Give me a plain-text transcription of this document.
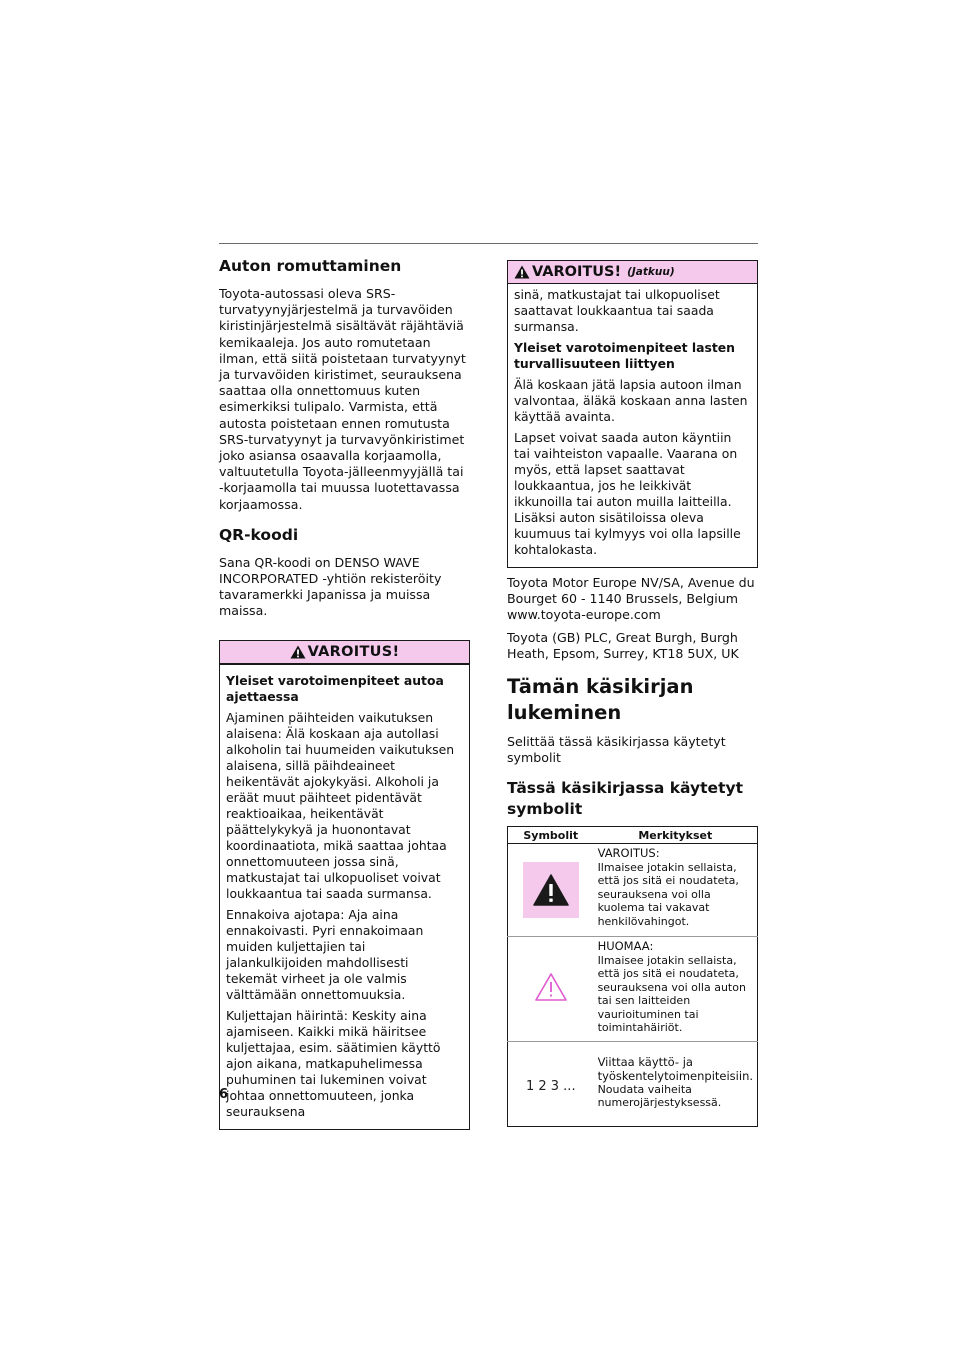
Auton romuttaminen

Toyota-autossasi oleva SRS-turvatyynyjärjestelmä ja turvavöiden kiristinjärjestelmä sisältävät räjähtäviä kemikaaleja. Jos auto romutetaan ilman, että siitä poistetaan turvatyynyt ja turvavöiden kiristimet, seurauksena saattaa olla onnettomuus kuten esimerkiksi tulipalo. Varmista, että autosta poistetaan ennen romutusta SRS-turvatyynyt ja turvavyönkiristimet joko asiansa osaavalla korjaamolla, valtuutetulla Toyota-jälleenmyyjällä tai -korjaamolla tai muussa luotettavassa korjaamossa.

QR-koodi

Sana QR-koodi on DENSO WAVE INCORPORATED -yhtiön rekisteröity tavaramerkki Japanissa ja muissa maissa.

VAROITUS!

Yleiset varotoimenpiteet autoa ajettaessa

Ajaminen päihteiden vaikutuksen alaisena: Älä koskaan aja autollasi alkoholin tai huumeiden vaikutuksen alaisena, sillä päihdeaineet heikentävät ajokykyäsi. Alkoholi ja eräät muut päihteet pidentävät reaktioaikaa, heikentävät päättelykykyä ja huonontavat koordinaatiota, mikä saattaa johtaa onnettomuuteen jossa sinä, matkustajat tai ulkopuoliset voivat loukkaantua tai saada surmansa.

Ennakoiva ajotapa: Aja aina ennakoivasti. Pyri ennakoimaan muiden kuljettajien tai jalankulkijoiden mahdollisesti tekemät virheet ja ole valmis välttämään onnettomuuksia.

Kuljettajan häirintä: Keskity aina ajamiseen. Kaikki mikä häiritsee kuljettajaa, esim. säätimien käyttö ajon aikana, matkapuhelimessa puhuminen tai lukeminen voivat johtaa onnettomuuteen, jonka seurauksena

VAROITUS! (Jatkuu)

sinä, matkustajat tai ulkopuoliset saattavat loukkaantua tai saada surmansa.

Yleiset varotoimenpiteet lasten turvallisuuteen liittyen

Älä koskaan jätä lapsia autoon ilman valvontaa, äläkä koskaan anna lasten käyttää avainta.

Lapset voivat saada auton käyntiin tai vaihteiston vapaalle. Vaarana on myös, että lapset saattavat loukkaantua, jos he leikkivät ikkunoilla tai auton muilla laitteilla. Lisäksi auton sisätiloissa oleva kuumuus tai kylmyys voi olla lapsille kohtalokasta.

Toyota Motor Europe NV/SA, Avenue du Bourget 60 - 1140 Brussels, Belgium www.toyota-europe.com

Toyota (GB) PLC, Great Burgh, Burgh Heath, Epsom, Surrey, KT18 5UX, UK

Tämän käsikirjan lukeminen

Selittää tässä käsikirjassa käytetyt symbolit

Tässä käsikirjassa käytetyt symbolit
Symbolit	Merkitykset

VAROITUS:
Ilmaisee jotakin sellaista, että jos sitä ei noudateta, seurauksena voi olla kuolema tai vakavat henkilövahingot.

HUOMAA:
Ilmaisee jotakin sellaista, että jos sitä ei noudateta, seurauksena voi olla auton tai sen laitteiden vaurioituminen tai toimintahäiriöt.

1 2 3 ...	Viittaa käyttö- ja työskentelytoimenpiteisiin.
Noudata vaiheita numerojärjestyksessä.
6
